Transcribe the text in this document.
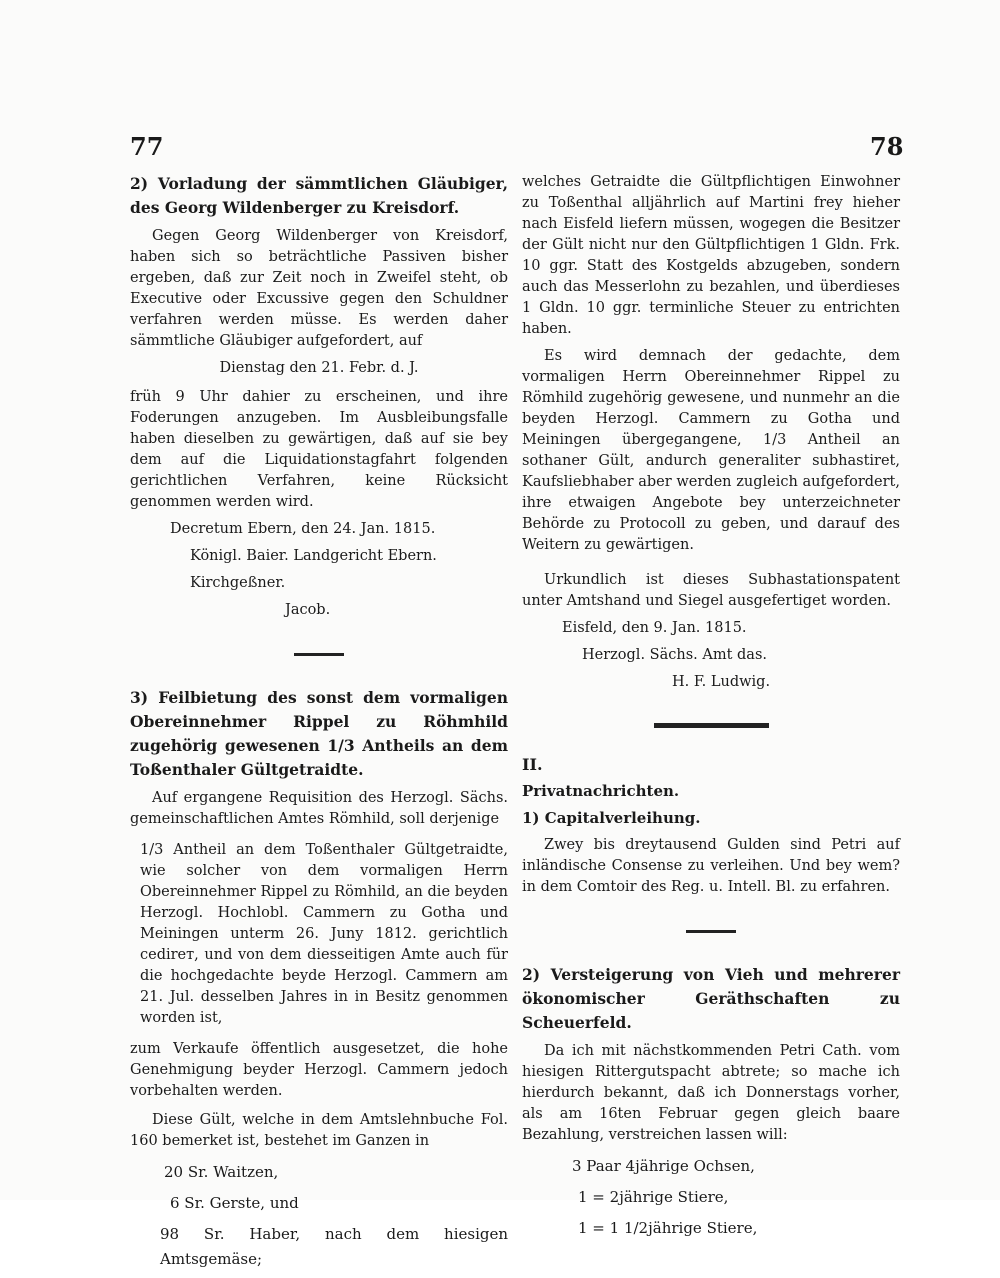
77	78

2) Vorladung der sämmtlichen Gläubiger, des Georg Wildenberger zu Kreisdorf.

Gegen Georg Wildenberger von Kreisdorf, haben sich so beträchtliche Passiven bisher ergeben, daß zur Zeit noch in Zweifel steht, ob Executive oder Excussive gegen den Schuldner verfahren werden müsse. Es werden daher sämmtliche Gläubiger aufgefordert, auf

Dienstag den 21. Febr. d. J.

früh 9 Uhr dahier zu erscheinen, und ihre Foderungen anzugeben. Im Ausbleibungsfalle haben dieselben zu gewärtigen, daß auf sie bey dem auf die Liquidationstagfahrt folgenden gerichtlichen Verfahren, keine Rücksicht genommen werden wird.

Decretum Ebern, den 24. Jan. 1815.

Königl. Baier. Landgericht Ebern.

Kirchgeßner.

Jacob.

3) Feilbietung des sonst dem vormaligen Obereinnehmer Rippel zu Röhmhild zugehörig gewesenen 1/3 Antheils an dem Toßenthaler Gültgetraidte.

Auf ergangene Requisition des Herzogl. Sächs. gemeinschaftlichen Amtes Römhild, soll derjenige

1/3 Antheil an dem Toßenthaler Gültgetraidte, wie solcher von dem vormaligen Herrn Obereinnehmer Rippel zu Römhild, an die beyden Herzogl. Hochlobl. Cammern zu Gotha und Meiningen unterm 26. Juny 1812. gerichtlich cedirет, und von dem diesseitigen Amte auch für die hochgedachte beyde Herzogl. Cammern am 21. Jul. desselben Jahres in in Besitz genommen worden ist,

zum Verkaufe öffentlich ausgesetzet, die hohe Genehmigung beyder Herzogl. Cammern jedoch vorbehalten werden.

Diese Gült, welche in dem Amtslehnbuche Fol. 160 bemerket ist, bestehet im Ganzen in

20 Sr. Waitzen,

6 Sr. Gerste, und

98 Sr. Haber, nach dem hiesigen Amtsgemäse;

welches Getraidte die Gültpflichtigen Einwohner zu Toßenthal alljährlich auf Martini frey hieher nach Eisfeld liefern müssen, wogegen die Besitzer der Gült nicht nur den Gültpflichtigen 1 Gldn. Frk. 10 ggr. Statt des Kostgelds abzugeben, sondern auch das Messerlohn zu bezahlen, und überdieses 1 Gldn. 10 ggr. terminliche Steuer zu entrichten haben.

Es wird demnach der gedachte, dem vormaligen Herrn Obereinnehmer Rippel zu Römhild zugehörig gewesene, und nunmehr an die beyden Herzogl. Cammern zu Gotha und Meiningen übergegangene, 1/3 Antheil an sothaner Gült, andurch generaliter subhastiret, Kaufsliebhaber aber werden zugleich aufgefordert, ihre etwaigen Angebote bey unterzeichneter Behörde zu Protocoll zu geben, und darauf des Weitern zu gewärtigen.

Urkundlich ist dieses Subhastationspatent unter Amtshand und Siegel ausgefertiget worden.

Eisfeld, den 9. Jan. 1815.

Herzogl. Sächs. Amt das.

H. F. Ludwig.

II.

Privatnachrichten.

1) Capitalverleihung.

Zwey bis dreytausend Gulden sind Petri auf inländische Consense zu verleihen. Und bey wem? in dem Comtoir des Reg. u. Intell. Bl. zu erfahren.

2) Versteigerung von Vieh und mehrerer ökonomischer Geräthschaften zu Scheuerfeld.

Da ich mit nächstkommenden Petri Cath. vom hiesigen Rittergutspacht abtrete; so mache ich hierdurch bekannt, daß ich Donnerstags vorher, als am 16ten Februar gegen gleich baare Bezahlung, verstreichen lassen will:

3 Paar 4jährige Ochsen,

1 = 2jährige Stiere,

1 = 1 1/2jährige Stiere,
